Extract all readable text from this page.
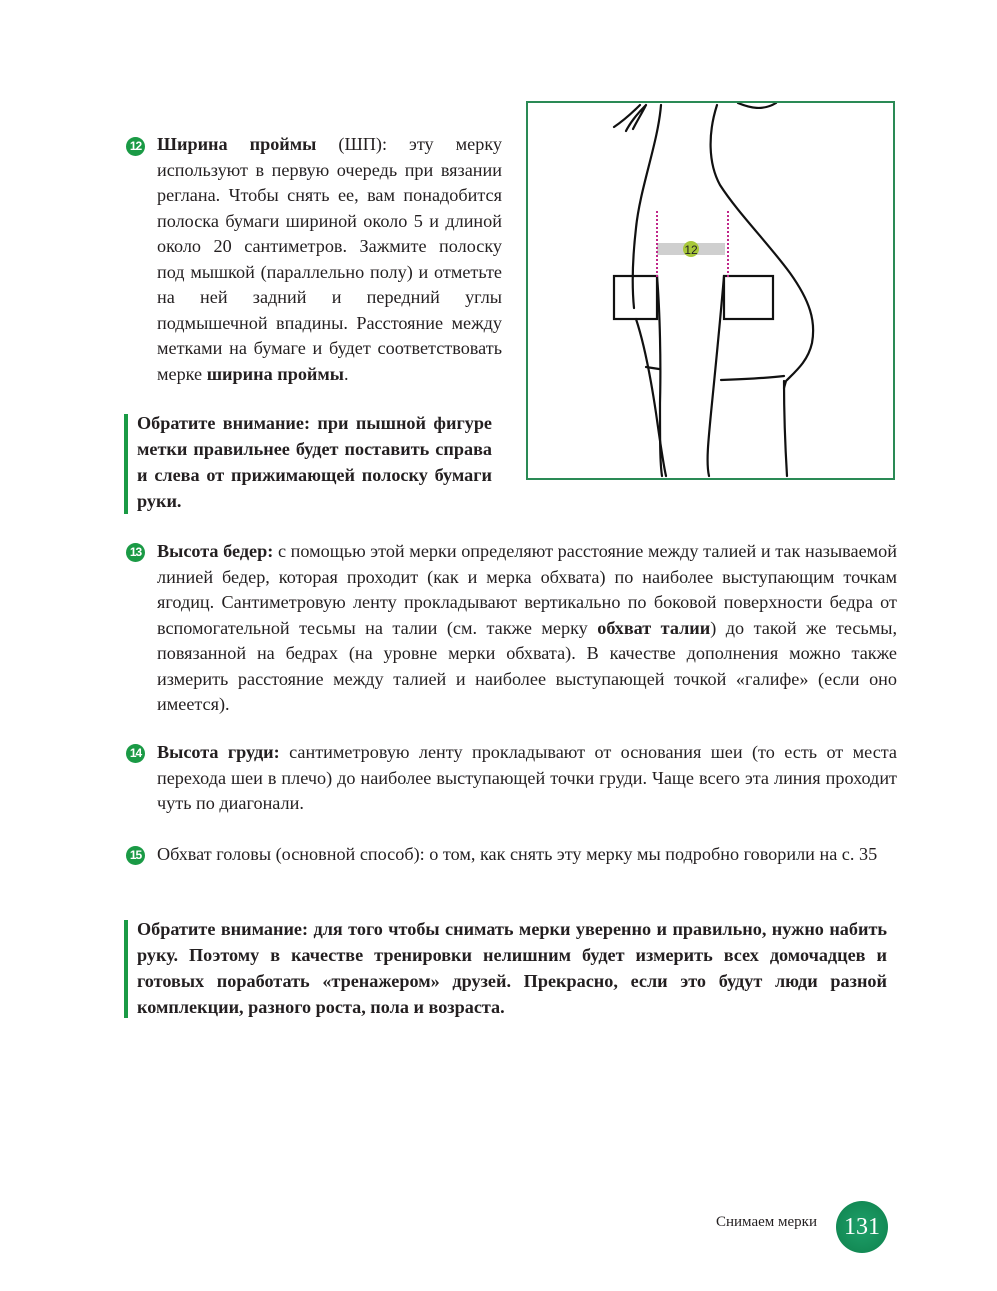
12 Ширина проймы (ШП): эту мерку используют в первую очередь при вязании реглана. Чтобы снять ее, вам понадобится полоска бумаги шириной около 5 и длиной около 20 сантиметров. Зажмите полоску под мышкой (параллельно полу) и отметьте на ней задний и передний углы подмышечной впадины. Расстояние между метками на бумаге и будет соответствовать мерке ширина проймы.
Обратите внимание: при пышной фигуре метки правильнее будет поставить справа и слева от прижимающей полоску бумаги руки.
12
13 Высота бедер: с помощью этой мерки определяют расстояние между талией и так называемой линией бедер, которая проходит (как и мерка обхвата) по наиболее выступающим точкам ягодиц. Сантиметровую ленту прокладывают вертикально по боковой поверхности бедра от вспомогательной тесьмы на талии (см. также мерку обхват талии) до такой же тесьмы, повязанной на бедрах (на уровне мерки обхвата). В качестве дополнения можно также измерить расстояние между талией и наиболее выступающей точкой «галифе» (если оно имеется).
14 Высота груди: сантиметровую ленту прокладывают от основания шеи (то есть от места перехода шеи в плечо) до наиболее выступающей точки груди. Чаще всего эта линия проходит чуть по диагонали.
15 Обхват головы (основной способ): о том, как снять эту мерку мы подробно говорили на с. 35
Обратите внимание: для того чтобы снимать мерки уверенно и правильно, нужно набить руку. Поэтому в качестве тренировки нелишним будет измерить всех домочадцев и готовых поработать «тренажером» друзей. Прекрасно, если это будут люди разной комплекции, разного роста, пола и возраста.
Снимаем мерки	131
